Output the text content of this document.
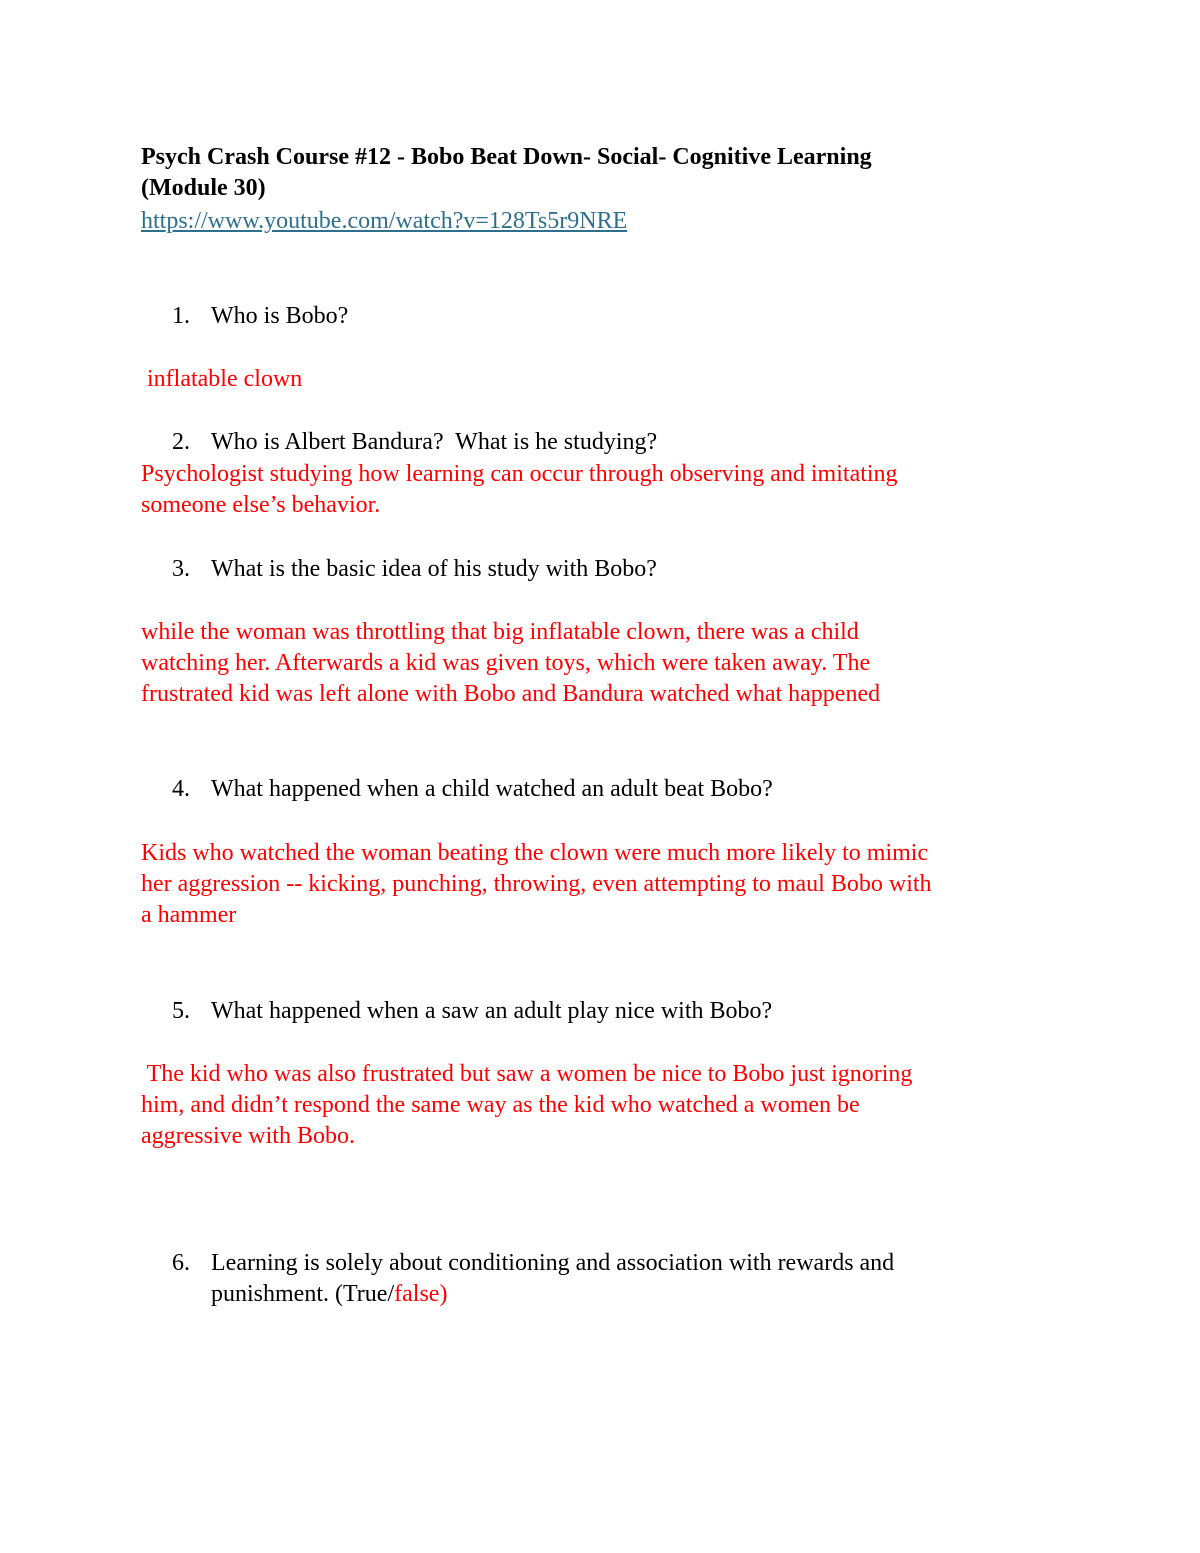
Psych Crash Course #12 - Bobo Beat Down- Social- Cognitive Learning
(Module 30)
https://www.youtube.com/watch?v=128Ts5r9NRE
1. Who is Bobo?
inflatable clown
2. Who is Albert Bandura?  What is he studying?
Psychologist studying how learning can occur through observing and imitating
someone else’s behavior.
3. What is the basic idea of his study with Bobo?
while the woman was throttling that big inflatable clown, there was a child
watching her. Afterwards a kid was given toys, which were taken away. The
frustrated kid was left alone with Bobo and Bandura watched what happened
4. What happened when a child watched an adult beat Bobo?
Kids who watched the woman beating the clown were much more likely to mimic
her aggression -- kicking, punching, throwing, even attempting to maul Bobo with
a hammer
5. What happened when a saw an adult play nice with Bobo?
The kid who was also frustrated but saw a women be nice to Bobo just ignoring
him, and didn’t respond the same way as the kid who watched a women be
aggressive with Bobo.
6. Learning is solely about conditioning and association with rewards and
punishment. (True/false)
